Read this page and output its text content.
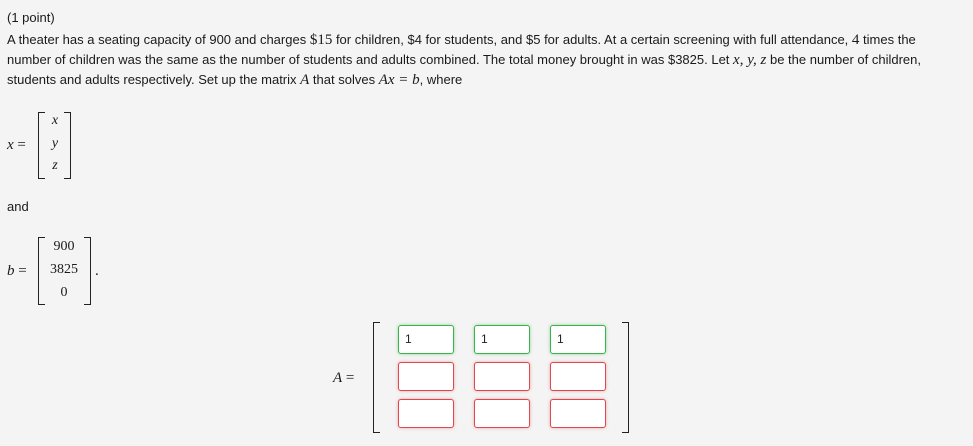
(1 point)
A theater has a seating capacity of 900 and charges $15 for children, $4 for students, and $5 for adults. At a certain screening with full attendance, 4 times the number of children was the same as the number of students and adults combined. The total money brought in was $3825. Let x, y, z be the number of children, students and adults respectively. Set up the matrix A that solves Ax = b, where
x =
x
y
z
and
b =
900
3825
0
.
A =
1	1	1
